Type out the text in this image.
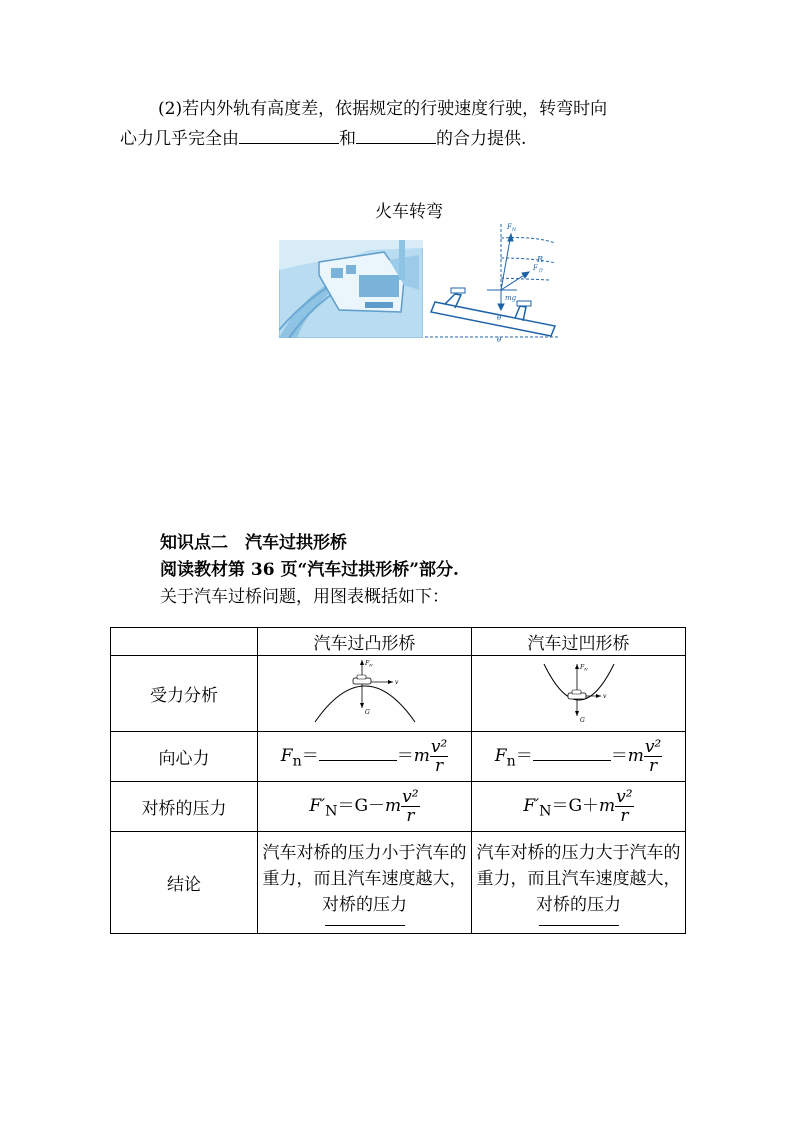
(2)若内外轨有高度差，依据规定的行驶速度行驶，转弯时向
心力几乎完全由	和	的合力提供.
火车转弯
$F_N$
$F_合$
R
mg
θ
θ
知识点二　汽车过拱形桥
阅读教材第 36 页“汽车过拱形桥”部分.
关于汽车过桥问题，用图表概括如下：
	汽车过凸形桥	汽车过凹形桥
受力分析	$F_N$
v
G	$F_N$
v
G

向心力	$F_n= =m \frac{\text{v²}}{r}$	$F_n= =m \frac{\text{v²}}{r}$

对桥的压力	$F'_N=G-m \frac{\text{v²}}{r}$	$F'_N=G+m \frac{\text{v²}}{r}$

结论	汽车对桥的压力小于汽车的重力，而且汽车速度越大，对桥的压力	汽车对桥的压力大于汽车的重力，而且汽车速度越大，对桥的压力
